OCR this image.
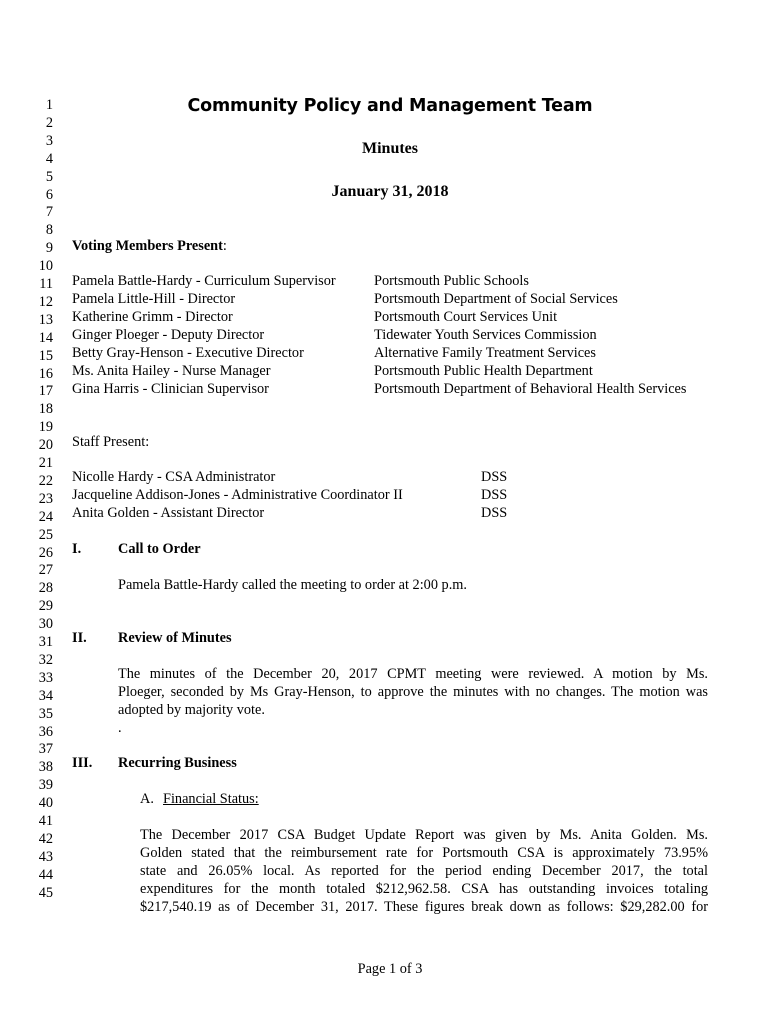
1
2
3
4
5
6
7
8
9
10
11
12
13
14
15
16
17
18
19
20
21
22
23
24
25
26
27
28
29
30
31
32
33
34
35
36
37
38
39
40
41
42
43
44
45
Community Policy and Management Team
Minutes
January 31, 2018
Voting Members Present:
Pamela Battle-Hardy - Curriculum Supervisor	Portsmouth Public Schools
Pamela Little-Hill - Director	Portsmouth Department of Social Services
Katherine Grimm - Director	Portsmouth Court Services Unit
Ginger Ploeger - Deputy Director	Tidewater Youth Services Commission
Betty Gray-Henson - Executive Director	Alternative Family Treatment Services
Ms. Anita Hailey - Nurse Manager	Portsmouth Public Health Department
Gina Harris - Clinician Supervisor	Portsmouth Department of Behavioral Health Services
Staff Present:
Nicolle Hardy - CSA Administrator	DSS
Jacqueline Addison-Jones - Administrative Coordinator II	DSS
Anita Golden - Assistant Director	DSS
I.	Call to Order
Pamela Battle-Hardy called the meeting to order at 2:00 p.m.
II. Review of Minutes
The minutes of the December 20, 2017 CPMT meeting were reviewed. A motion by Ms.
Ploeger, seconded by Ms Gray-Henson, to approve the minutes with no changes. The motion was
adopted by majority vote.
.
III. Recurring Business
A. Financial Status:
The December 2017 CSA Budget Update Report was given by Ms. Anita Golden. Ms.
Golden stated that the reimbursement rate for Portsmouth CSA is approximately 73.95%
state and 26.05% local. As reported for the period ending December 2017, the total
expenditures for the month totaled $212,962.58. CSA has outstanding invoices totaling
$217,540.19 as of December 31, 2017. These figures break down as follows: $29,282.00 for
Page 1 of 3
